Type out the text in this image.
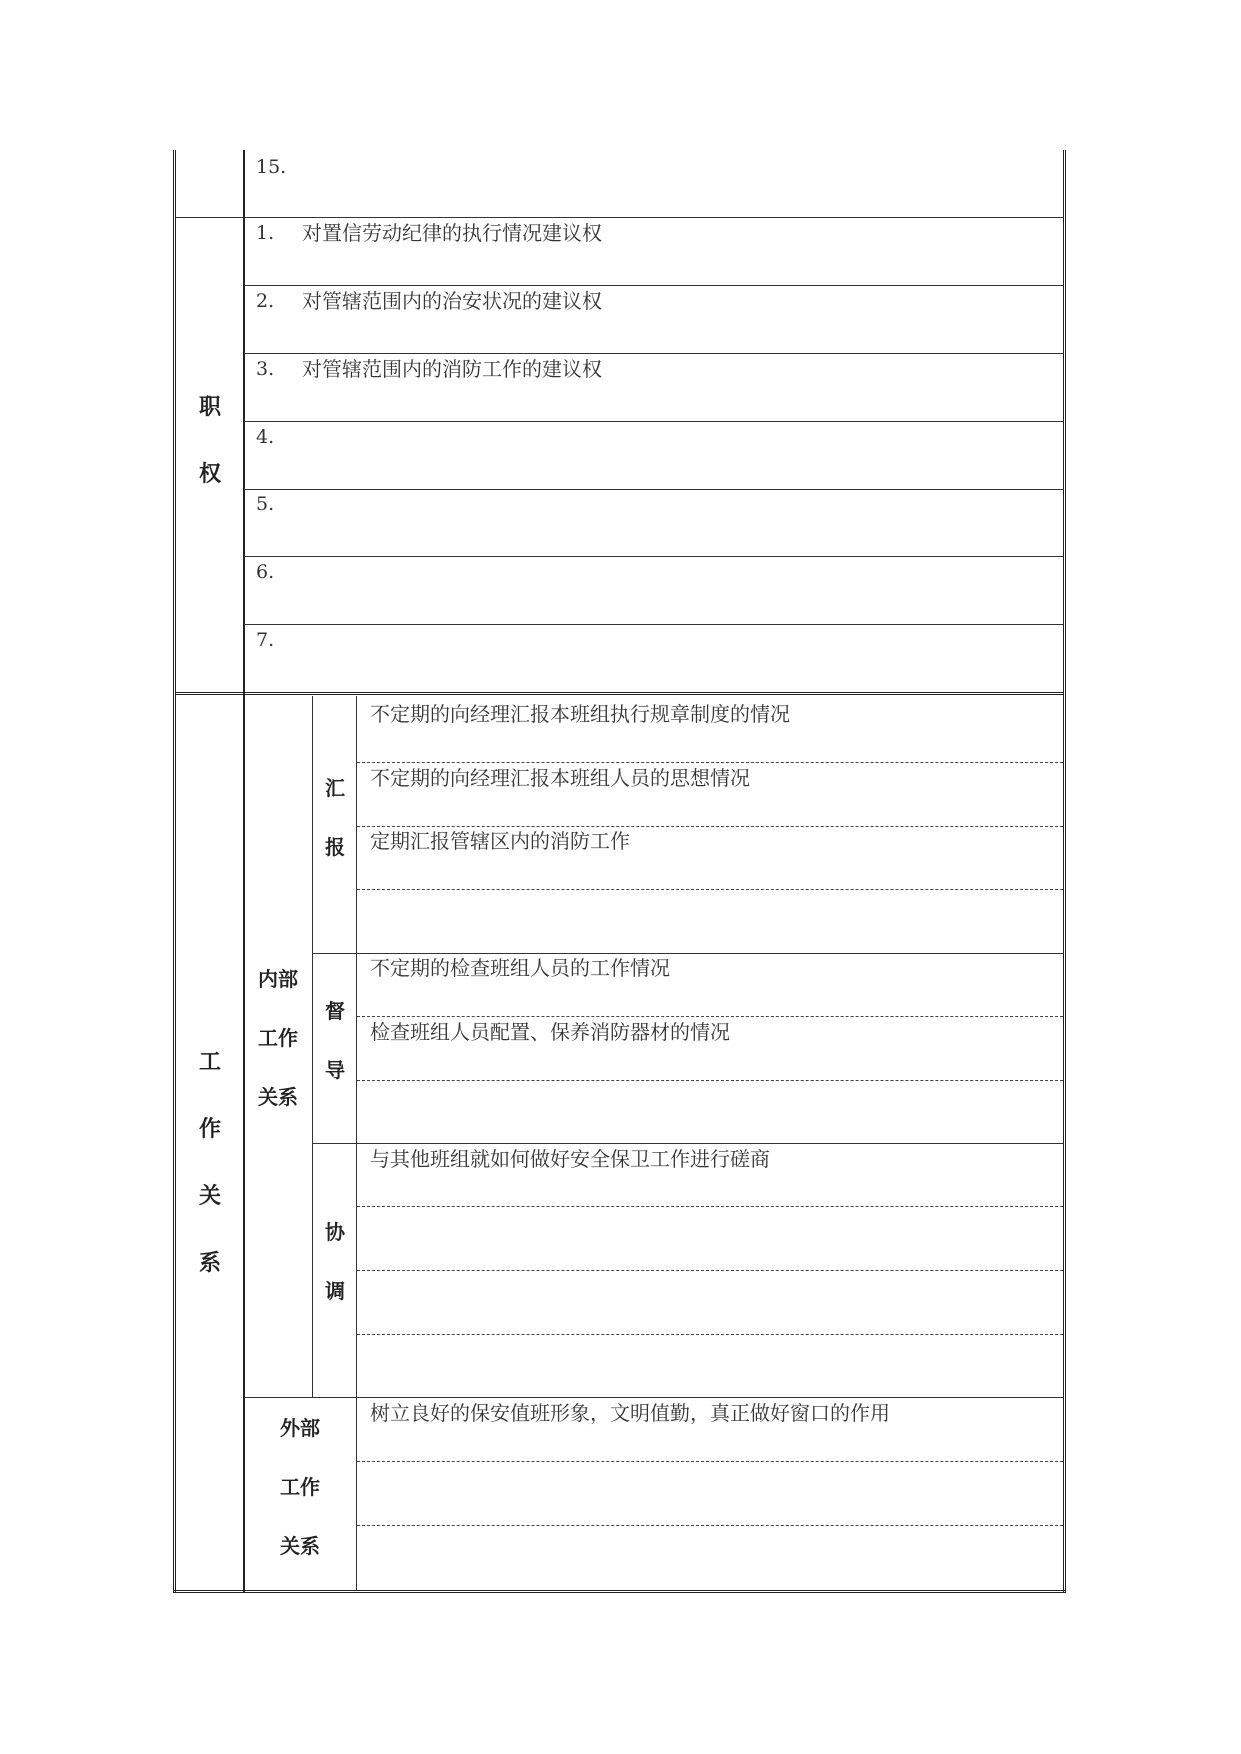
15.
职
权
1. 对置信劳动纪律的执行情况建议权
2. 对管辖范围内的治安状况的建议权
3. 对管辖范围内的消防工作的建议权
4.
5.
6.
7.
工
作
关
系
内部
工作
关系
汇
报
不定期的向经理汇报本班组执行规章制度的情况
不定期的向经理汇报本班组人员的思想情况
定期汇报管辖区内的消防工作
督
导
不定期的检查班组人员的工作情况
检查班组人员配置、保养消防器材的情况
协
调
与其他班组就如何做好安全保卫工作进行磋商
外部
工作
关系
树立良好的保安值班形象，文明值勤，真正做好窗口的作用
